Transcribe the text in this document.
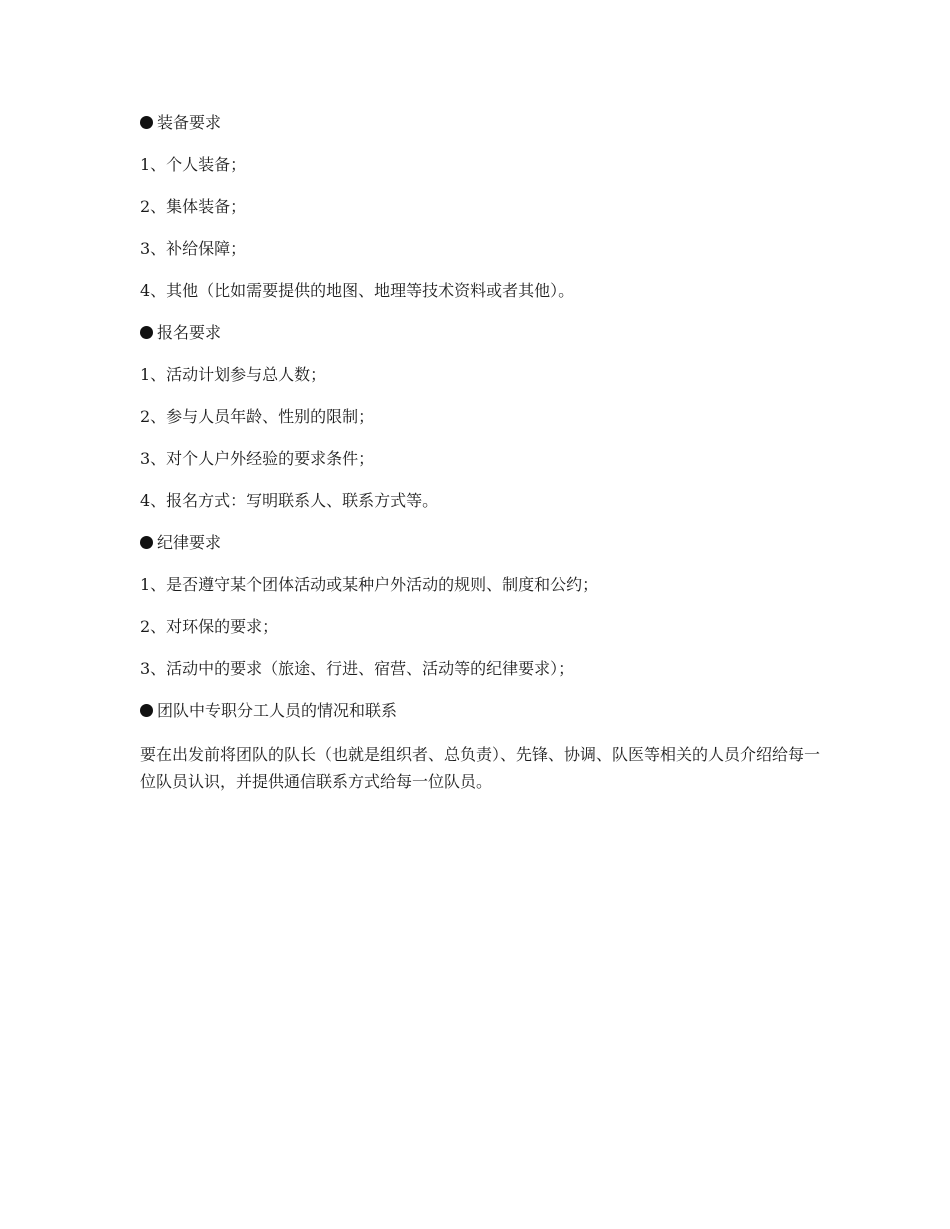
装备要求
1、个人装备；
2、集体装备；
3、补给保障；
4、其他（比如需要提供的地图、地理等技术资料或者其他）。
报名要求
1、活动计划参与总人数；
2、参与人员年龄、性别的限制；
3、对个人户外经验的要求条件；
4、报名方式：写明联系人、联系方式等。
纪律要求
1、是否遵守某个团体活动或某种户外活动的规则、制度和公约；
2、对环保的要求；
3、活动中的要求（旅途、行进、宿营、活动等的纪律要求）；
团队中专职分工人员的情况和联系
要在出发前将团队的队长（也就是组织者、总负责）、先锋、协调、队医等相关的人员介绍给每一位队员认识，并提供通信联系方式给每一位队员。
